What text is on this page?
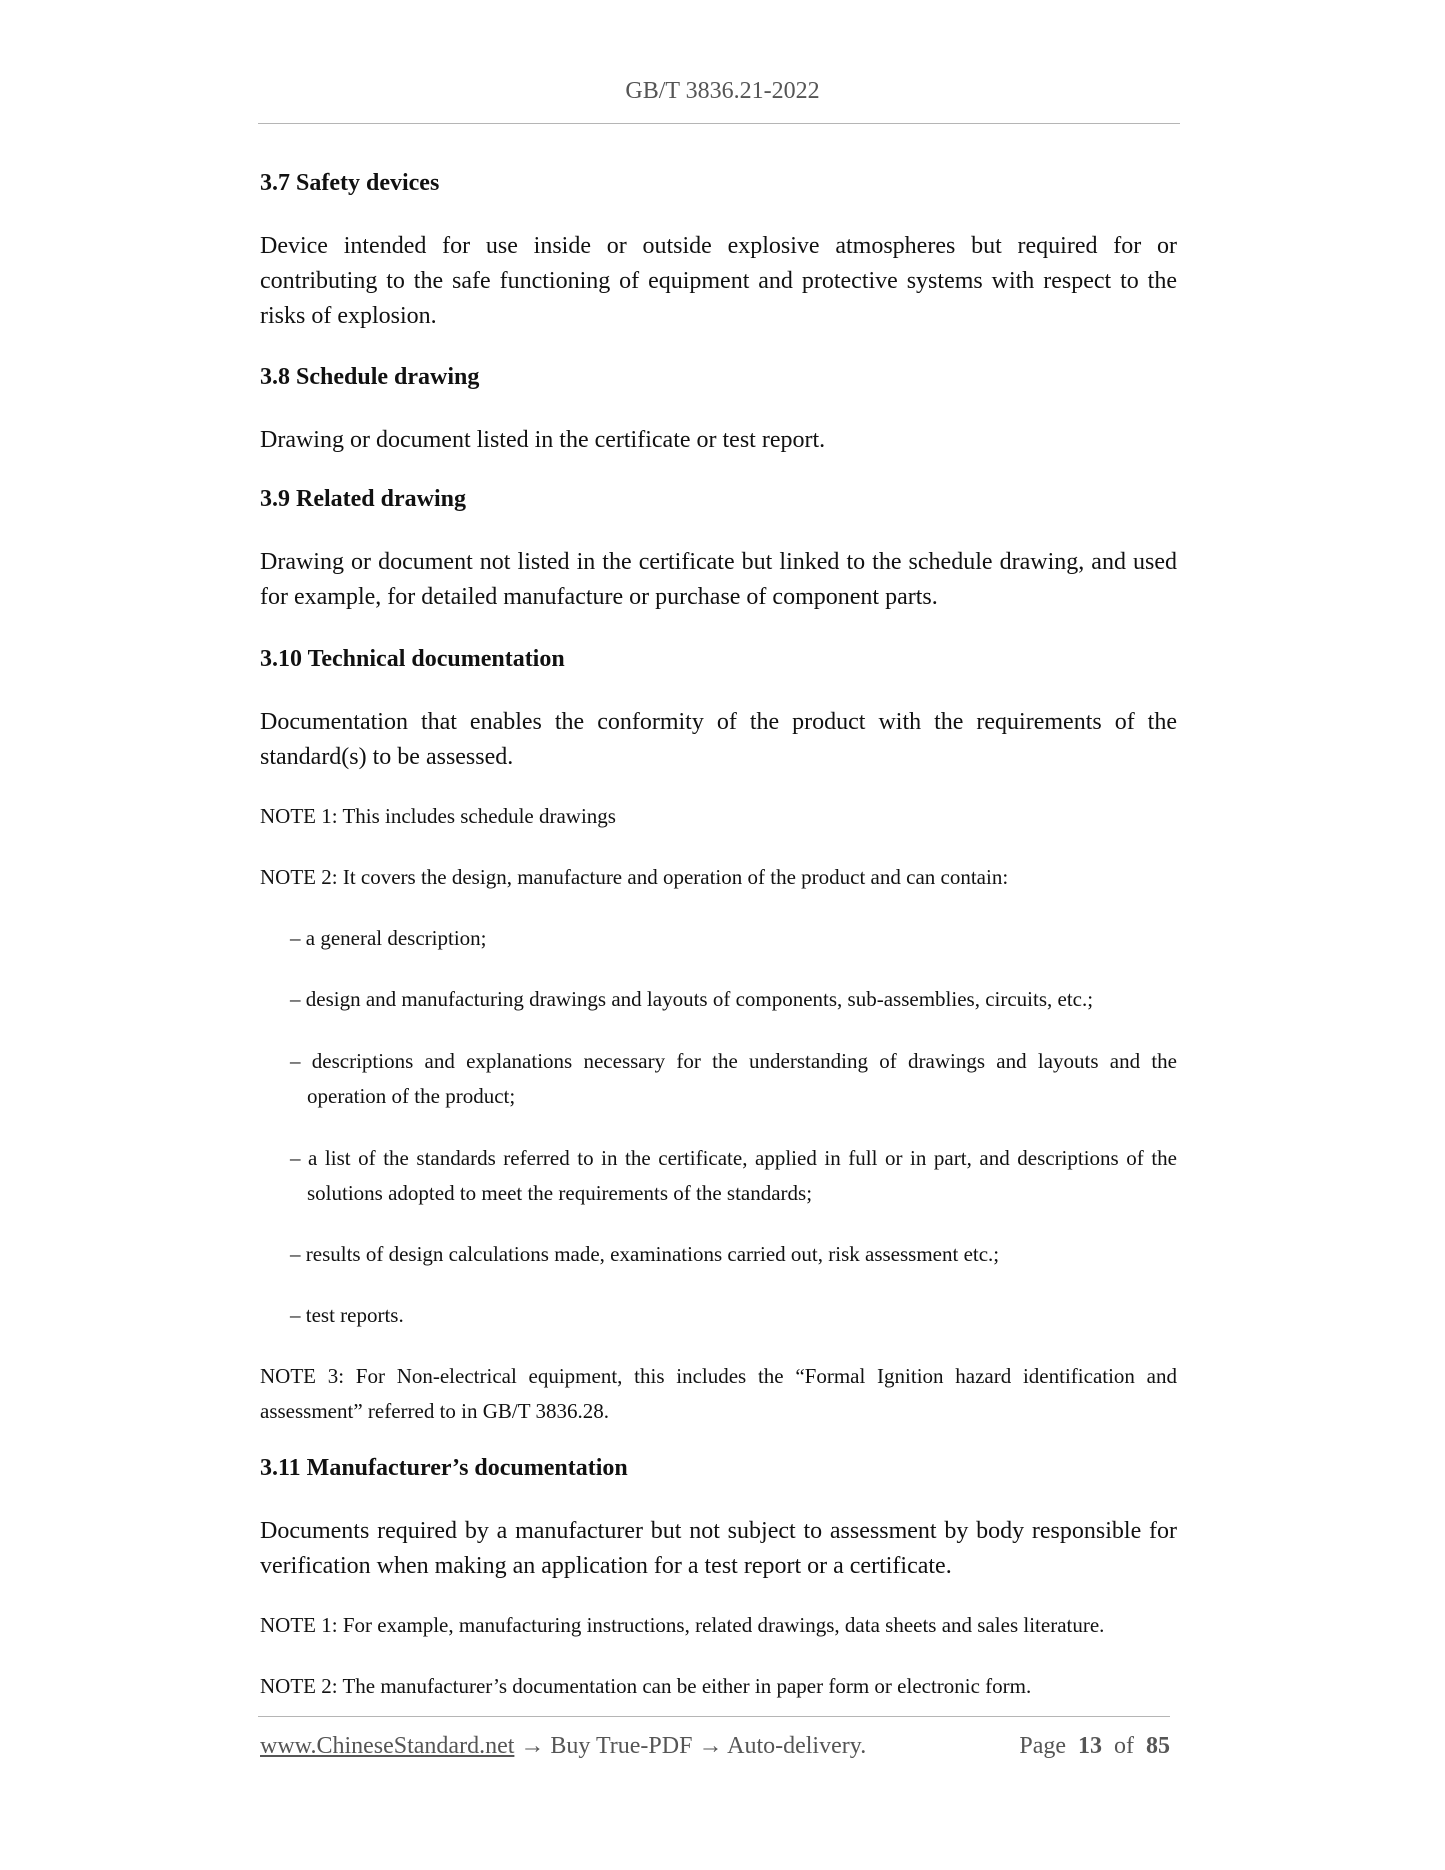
GB/T 3836.21-2022
3.7 Safety devices
Device intended for use inside or outside explosive atmospheres but required for or contributing to the safe functioning of equipment and protective systems with respect to the risks of explosion.
3.8 Schedule drawing
Drawing or document listed in the certificate or test report.
3.9 Related drawing
Drawing or document not listed in the certificate but linked to the schedule drawing, and used for example, for detailed manufacture or purchase of component parts.
3.10 Technical documentation
Documentation that enables the conformity of the product with the requirements of the standard(s) to be assessed.
NOTE 1: This includes schedule drawings
NOTE 2: It covers the design, manufacture and operation of the product and can contain:
– a general description;
– design and manufacturing drawings and layouts of components, sub-assemblies, circuits, etc.;
– descriptions and explanations necessary for the understanding of drawings and layouts and the operation of the product;
– a list of the standards referred to in the certificate, applied in full or in part, and descriptions of the solutions adopted to meet the requirements of the standards;
– results of design calculations made, examinations carried out, risk assessment etc.;
– test reports.
NOTE 3: For Non-electrical equipment, this includes the “Formal Ignition hazard identification and assessment” referred to in GB/T 3836.28.
3.11 Manufacturer’s documentation
Documents required by a manufacturer but not subject to assessment by body responsible for verification when making an application for a test report or a certificate.
NOTE 1: For example, manufacturing instructions, related drawings, data sheets and sales literature.
NOTE 2: The manufacturer’s documentation can be either in paper form or electronic form.
www.ChineseStandard.net → Buy True-PDF → Auto-delivery.	Page 13 of 85
